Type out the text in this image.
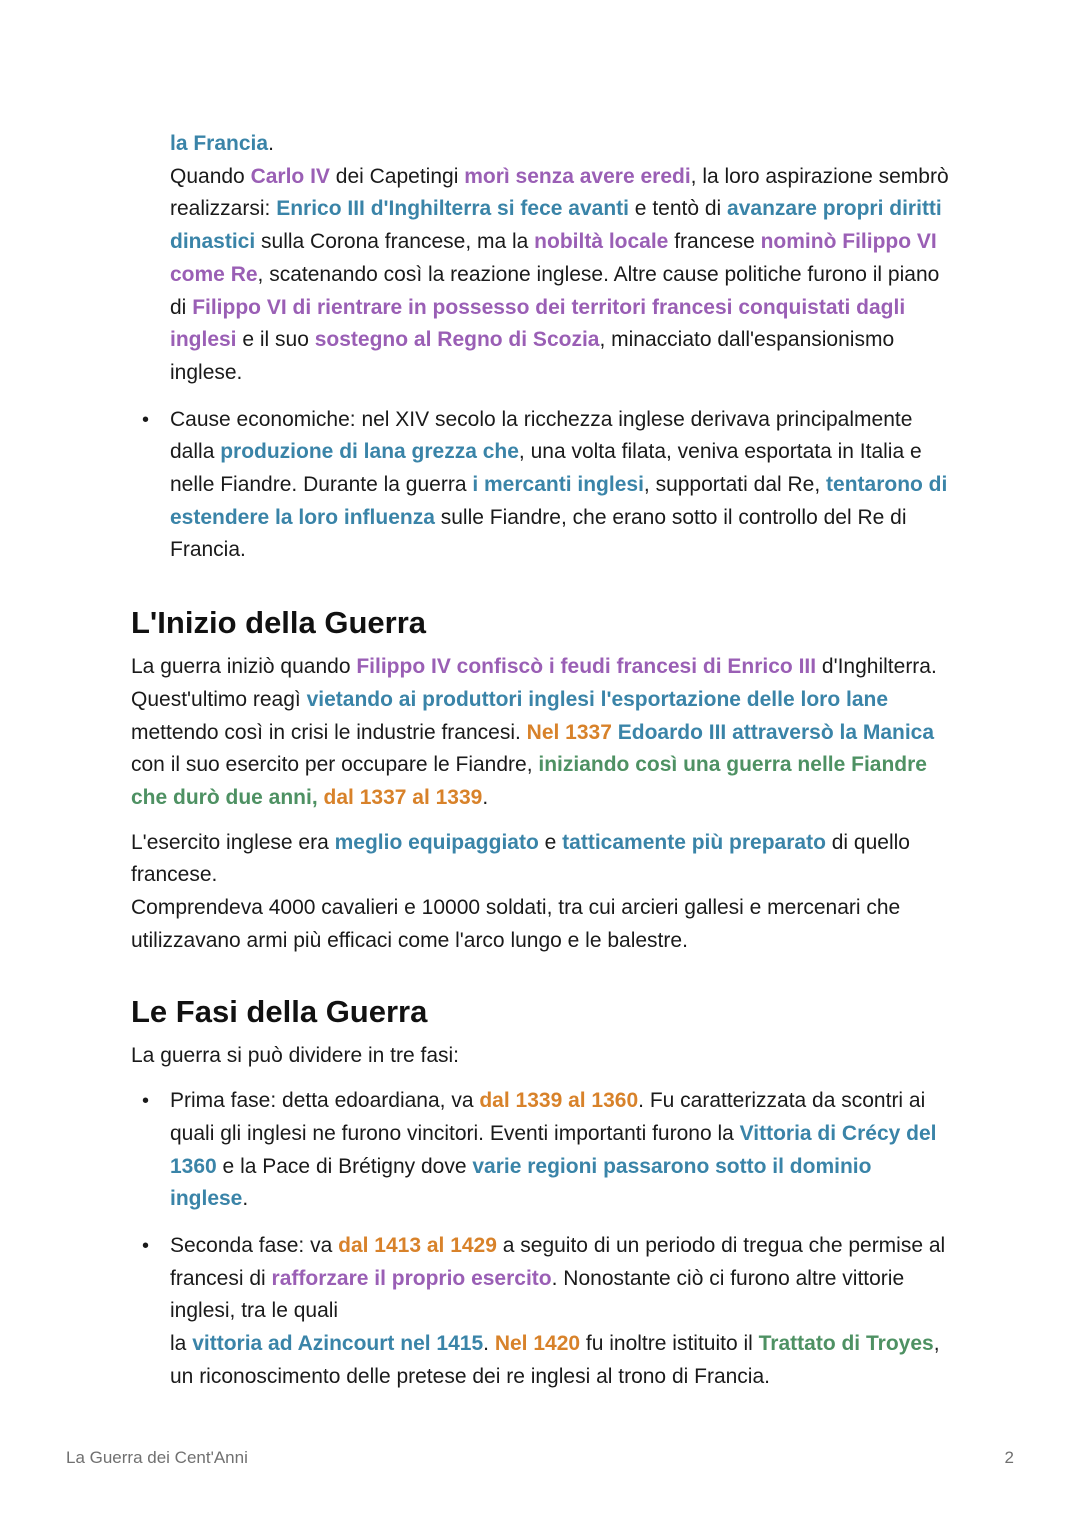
la Francia.
Quando Carlo IV dei Capetingi morì senza avere eredi, la loro aspirazione sembrò realizzarsi: Enrico III d'Inghilterra si fece avanti e tentò di avanzare propri diritti dinastici sulla Corona francese, ma la nobiltà locale francese nominò Filippo VI come Re, scatenando così la reazione inglese. Altre cause politiche furono il piano di Filippo VI di rientrare in possesso dei territori francesi conquistati dagli inglesi e il suo sostegno al Regno di Scozia, minacciato dall'espansionismo inglese.

• Cause economiche: nel XIV secolo la ricchezza inglese derivava principalmente dalla produzione di lana grezza che, una volta filata, veniva esportata in Italia e nelle Fiandre. Durante la guerra i mercanti inglesi, supportati dal Re, tentarono di estendere la loro influenza sulle Fiandre, che erano sotto il controllo del Re di Francia.
L'Inizio della Guerra

La guerra iniziò quando Filippo IV confiscò i feudi francesi di Enrico III d'Inghilterra. Quest'ultimo reagì vietando ai produttori inglesi l'esportazione delle loro lane mettendo così in crisi le industrie francesi. Nel 1337 Edoardo III attraversò la Manica con il suo esercito per occupare le Fiandre, iniziando così una guerra nelle Fiandre che durò due anni, dal 1337 al 1339.

L'esercito inglese era meglio equipaggiato e tatticamente più preparato di quello francese.
Comprendeva 4000 cavalieri e 10000 soldati, tra cui arcieri gallesi e mercenari che utilizzavano armi più efficaci come l'arco lungo e le balestre.

Le Fasi della Guerra

La guerra si può dividere in tre fasi:

• Prima fase: detta edoardiana, va dal 1339 al 1360. Fu caratterizzata da scontri ai quali gli inglesi ne furono vincitori. Eventi importanti furono la Vittoria di Crécy del 1360 e la Pace di Brétigny dove varie regioni passarono sotto il dominio inglese.
• Seconda fase: va dal 1413 al 1429 a seguito di un periodo di tregua che permise al francesi di rafforzare il proprio esercito. Nonostante ciò ci furono altre vittorie inglesi, tra le quali
la vittoria ad Azincourt nel 1415. Nel 1420 fu inoltre istituito il Trattato di Troyes, un riconoscimento delle pretese dei re inglesi al trono di Francia.
La Guerra dei Cent'Anni	2
